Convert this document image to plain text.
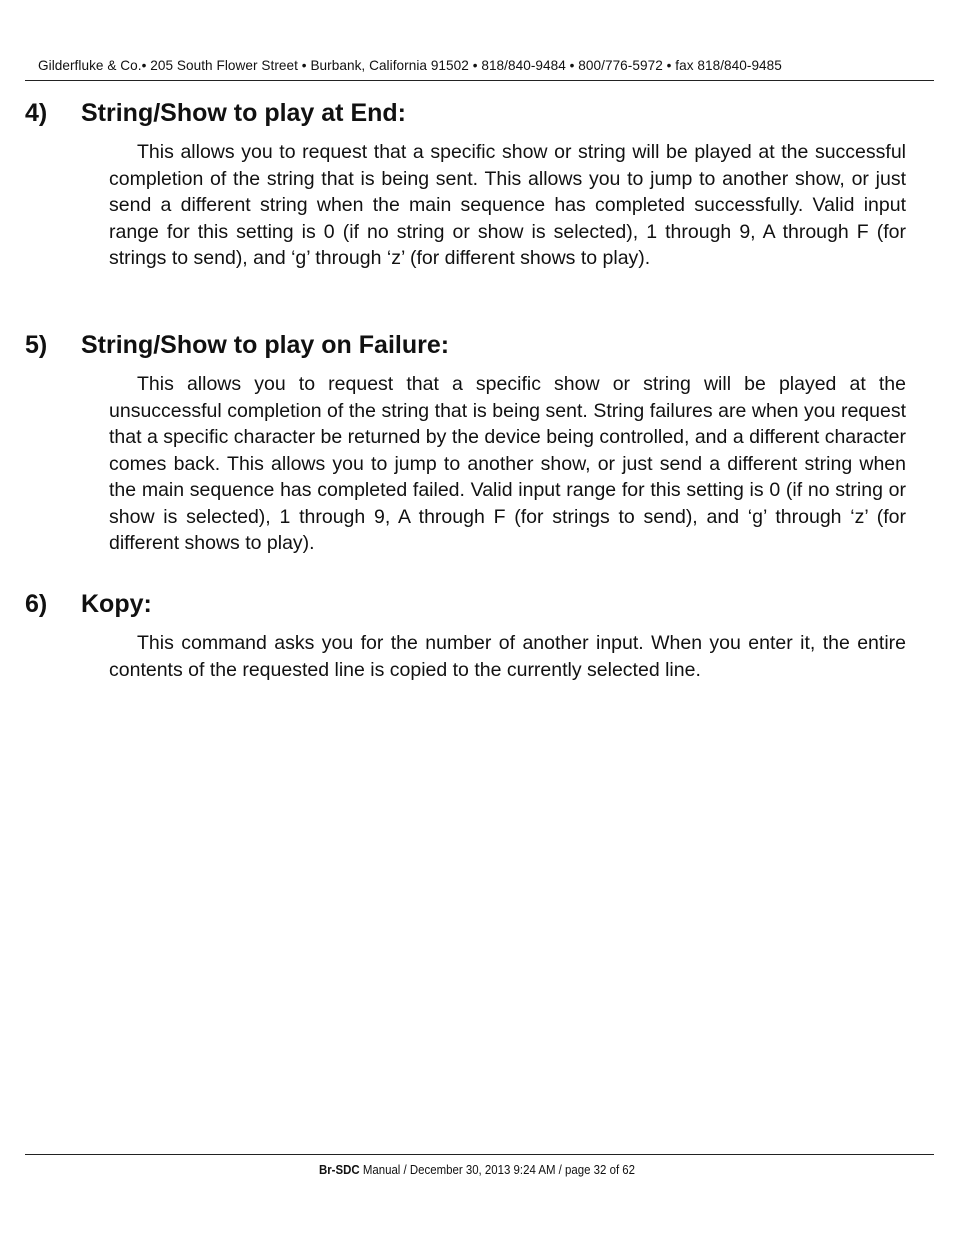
Gilderfluke & Co.• 205 South Flower Street • Burbank, California 91502 • 818/840-9484 • 800/776-5972 • fax 818/840-9485
4) String/Show to play at End:

This allows you to request that a specific show or string will be played at the successful completion of the string that is being sent. This allows you to jump to another show, or just send a different string when the main sequence has completed successfully. Valid input range for this setting is 0 (if no string or show is selected), 1 through 9, A through F (for strings to send), and ‘g’ through ‘z’ (for different shows to play).

5) String/Show to play on Failure:

This allows you to request that a specific show or string will be played at the unsuccessful completion of the string that is being sent. String failures are when you request that a specific character be returned by the device being controlled, and a different character comes back. This allows you to jump to another show, or just send a different string when the main sequence has completed failed. Valid input range for this setting is 0 (if no string or show is selected), 1 through 9, A through F (for strings to send), and ‘g’ through ‘z’ (for different shows to play).

6) Kopy:

This command asks you for the number of another input. When you enter it, the entire contents of the requested line is copied to the currently selected line.

Br-SDC Manual / December 30, 2013 9:24 AM / page 32 of 62
